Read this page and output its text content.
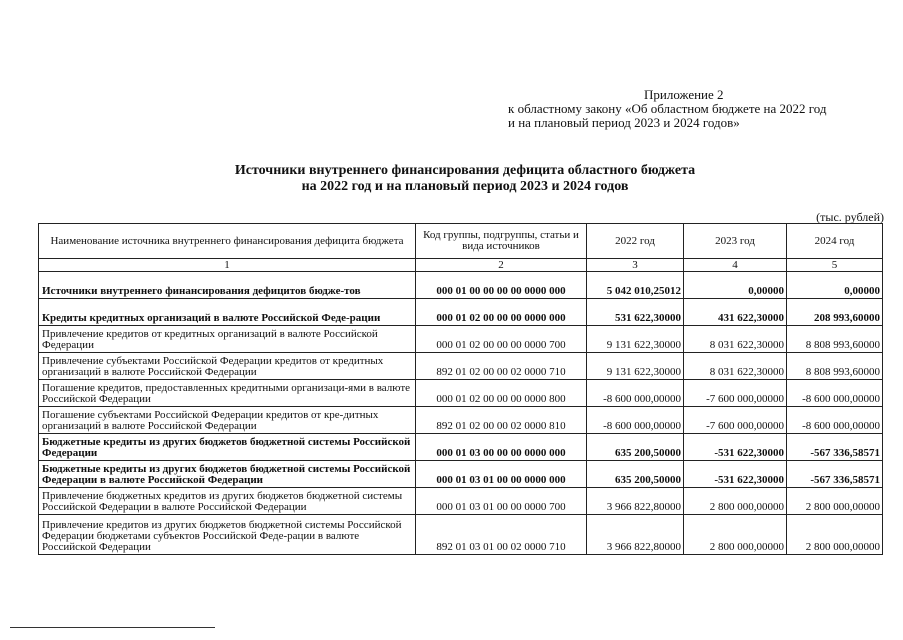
Приложение 2
к областному закону «Об областном бюджете на 2022 год
и на плановый период 2023 и 2024 годов»
Источники внутреннего финансирования дефицита областного бюджета
на 2022 год и на плановый период 2023 и 2024 годов
(тыс. рублей)
Наименование источника внутреннего финансирования дефицита бюджета	Код группы, подгруппы, статьи и вида источников	2022 год	2023 год	2024 год
1	2	3	4	5
Источники внутреннего финансирования дефицитов бюдже-тов	000 01 00 00 00 00 0000 000	5 042 010,25012	0,00000	0,00000
Кредиты кредитных организаций в валюте Российской Феде-рации	000 01 02 00 00 00 0000 000	531 622,30000	431 622,30000	208 993,60000
Привлечение кредитов от кредитных организаций в валюте Российской Федерации	000 01 02 00 00 00 0000 700	9 131 622,30000	8 031 622,30000	8 808 993,60000
Привлечение субъектами Российской Федерации кредитов от кредитных организаций в валюте Российской Федерации	892 01 02 00 00 02 0000 710	9 131 622,30000	8 031 622,30000	8 808 993,60000
Погашение кредитов, предоставленных кредитными организаци-ями в валюте Российской Федерации	000 01 02 00 00 00 0000 800	-8 600 000,00000	-7 600 000,00000	-8 600 000,00000
Погашение субъектами Российской Федерации кредитов от кре-дитных организаций в валюте Российской Федерации	892 01 02 00 00 02 0000 810	-8 600 000,00000	-7 600 000,00000	-8 600 000,00000
Бюджетные кредиты из других бюджетов бюджетной системы Российской Федерации	000 01 03 00 00 00 0000 000	635 200,50000	-531 622,30000	-567 336,58571
Бюджетные кредиты из других бюджетов бюджетной системы Российской Федерации в валюте Российской Федерации	000 01 03 01 00 00 0000 000	635 200,50000	-531 622,30000	-567 336,58571
Привлечение бюджетных кредитов из других бюджетов бюджетной системы Российской Федерации в валюте Российской Федерации	000 01 03 01 00 00 0000 700	3 966 822,80000	2 800 000,00000	2 800 000,00000
Привлечение кредитов из других бюджетов бюджетной системы Российской Федерации бюджетами субъектов Российской Феде-рации в валюте Российской Федерации	892 01 03 01 00 02 0000 710	3 966 822,80000	2 800 000,00000	2 800 000,00000
